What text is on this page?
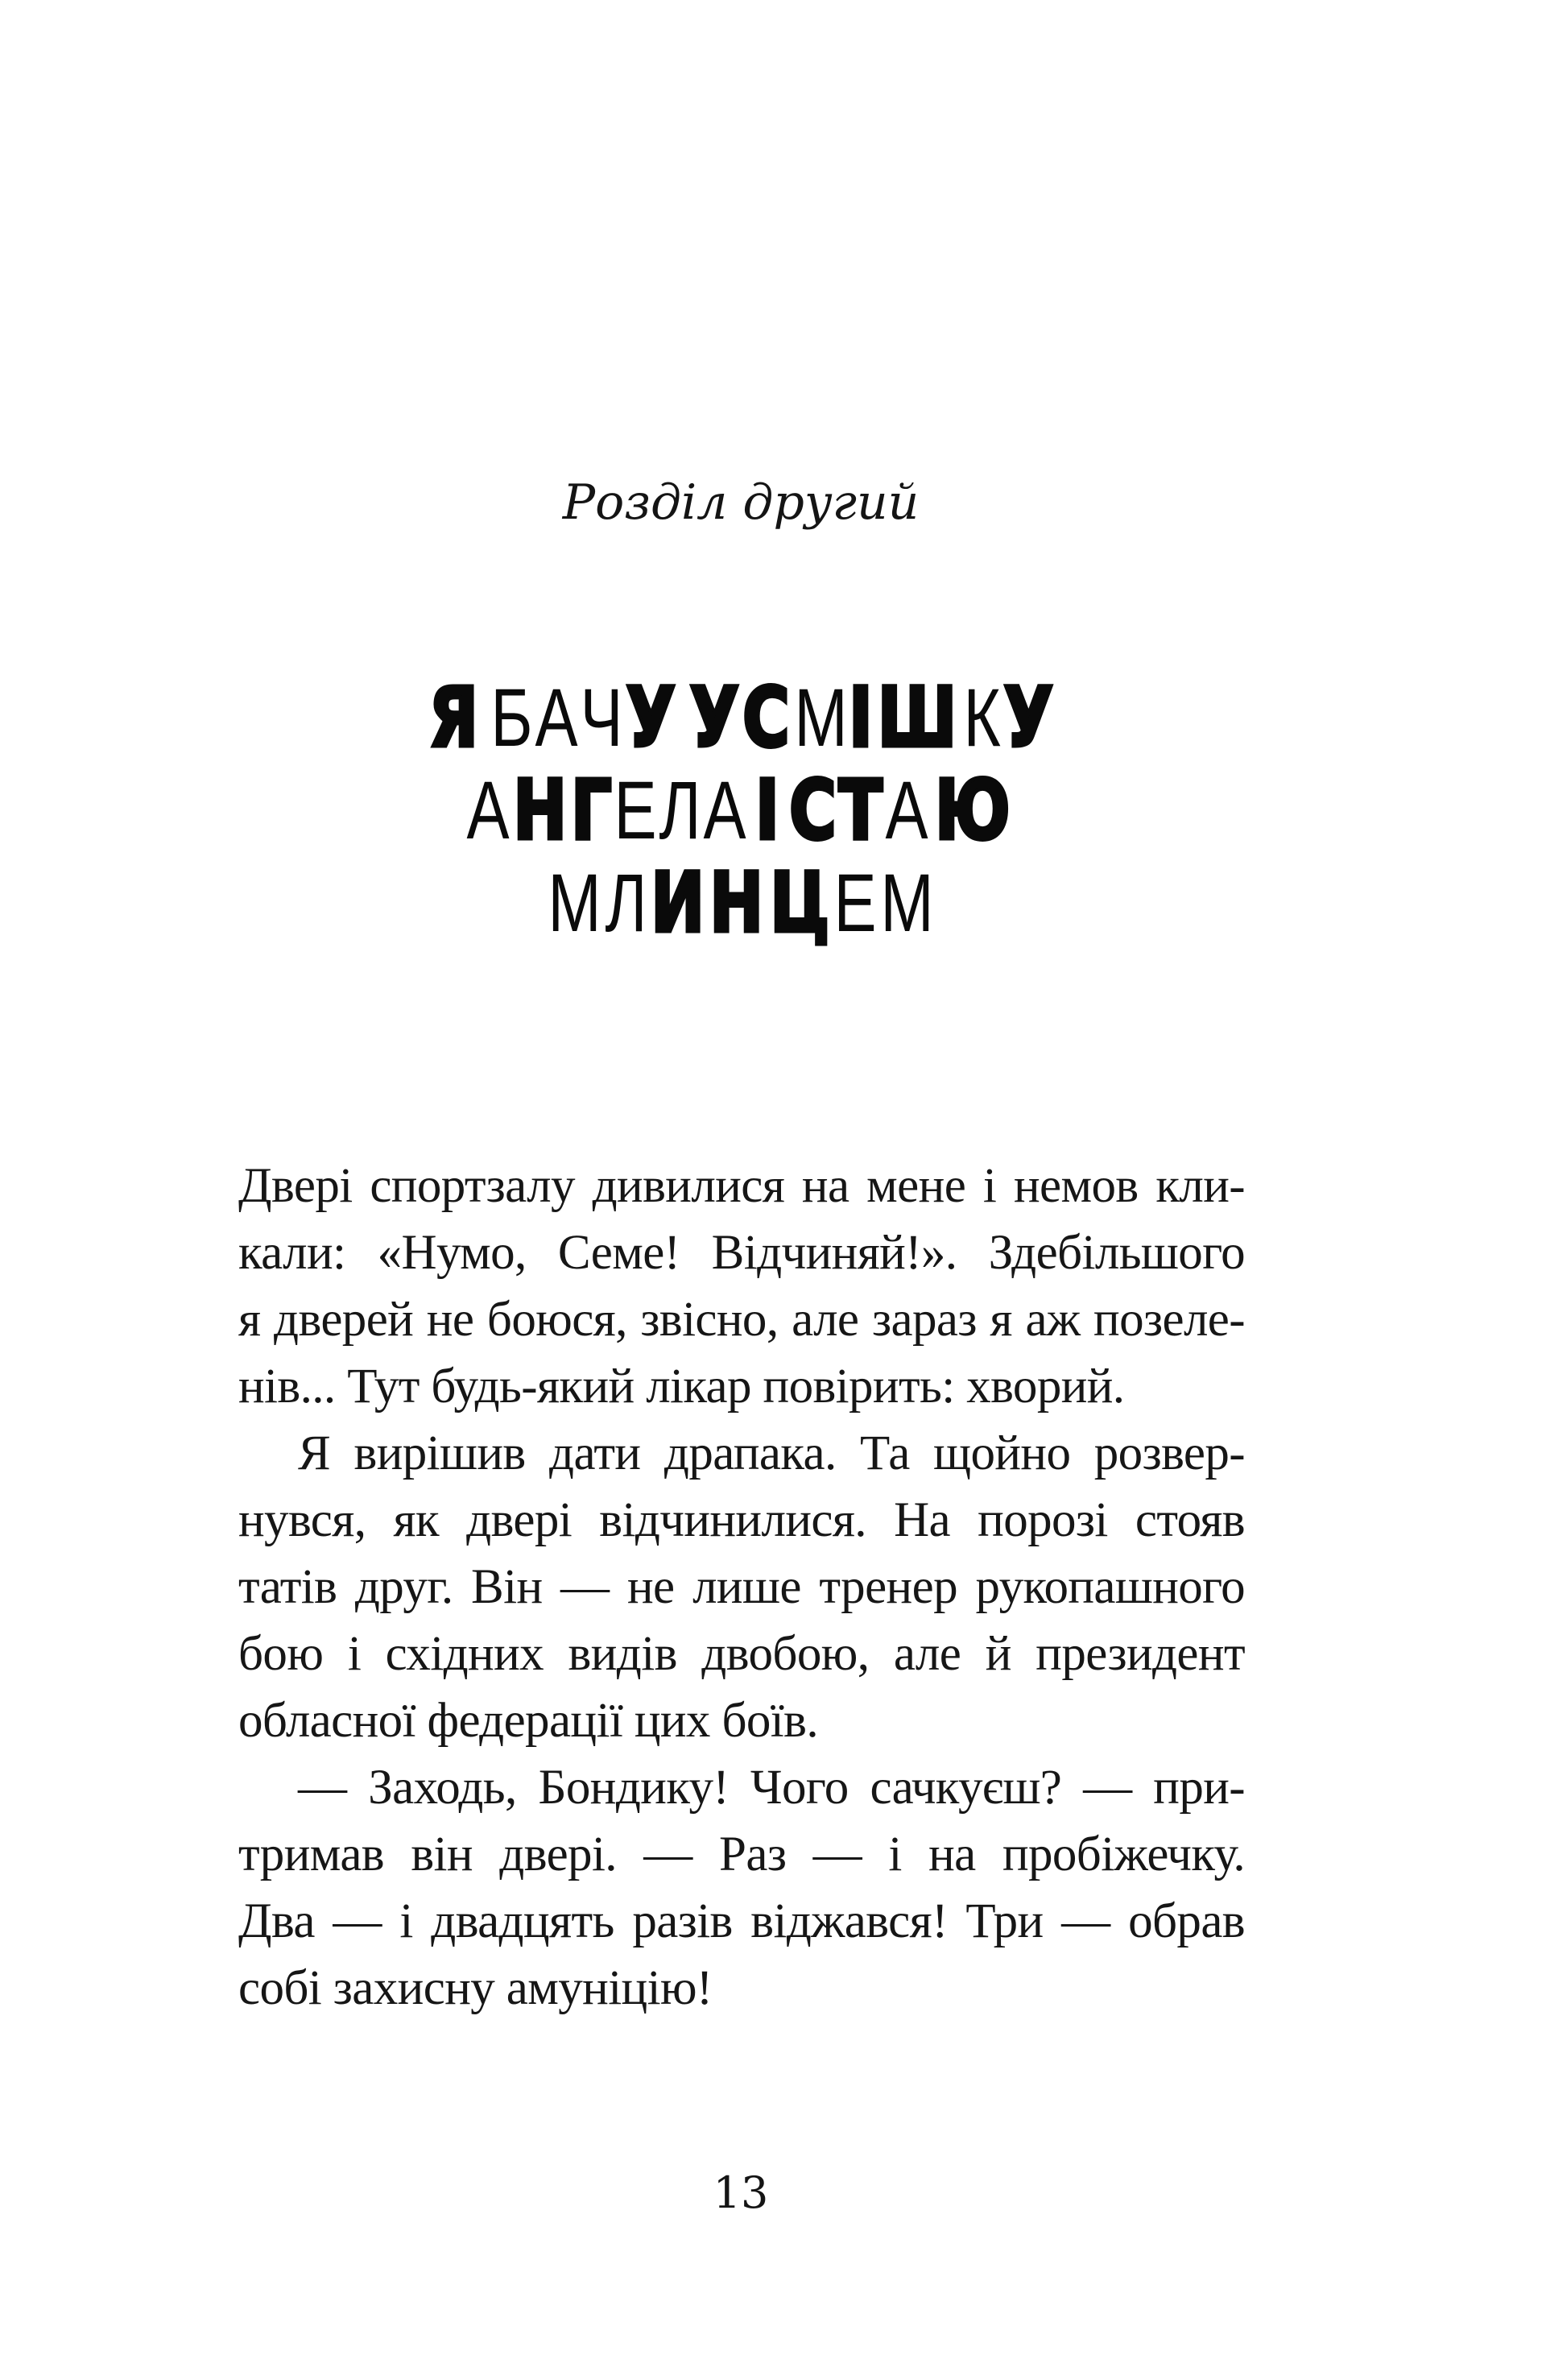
Розділ другий
Я БАЧУ УСМІШКУ
АНГЕЛА І СТАЮ
МЛИНЦЕМ
Двері спортзалу дивилися на мене і немов кли-
кали: «Нумо, Семе! Відчиняй!». Здебільшого
я дверей не боюся, звісно, але зараз я аж позеле-
нів... Тут будь-який лікар повірить: хворий.
Я вирішив дати драпака. Та щойно розвер-
нувся, як двері відчинилися. На порозі стояв
татів друг. Він — не лише тренер рукопашного
бою і східних видів двобою, але й президент
обласної федерації цих боїв.
— Заходь, Бондику! Чого сачкуєш? — при-
тримав він двері. — Раз — і на пробіжечку.
Два — і двадцять разів віджався! Три — обрав
собі захисну амуніцію!
13
